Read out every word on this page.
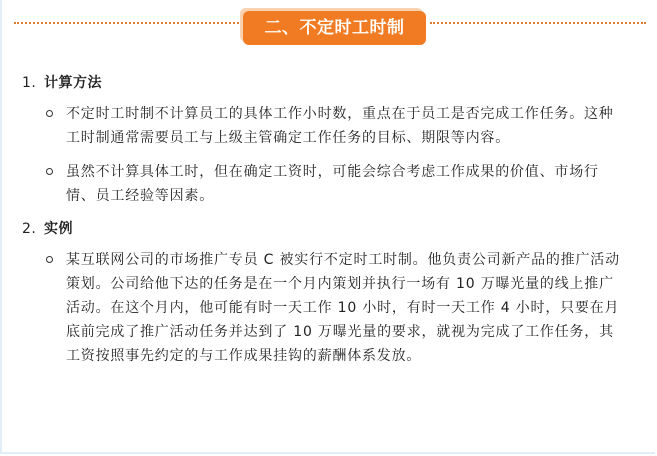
二、不定时工时制
1. 计算方法
不定时工时制不计算员工的具体工作小时数，重点在于员工是否完成工作任务。这种工时制通常需要员工与上级主管确定工作任务的目标、期限等内容。
虽然不计算具体工时，但在确定工资时，可能会综合考虑工作成果的价值、市场行情、员工经验等因素。
2. 实例
某互联网公司的市场推广专员 C 被实行不定时工时制。他负责公司新产品的推广活动策划。公司给他下达的任务是在一个月内策划并执行一场有 10 万曝光量的线上推广活动。在这个月内，他可能有时一天工作 10 小时，有时一天工作 4 小时，只要在月底前完成了推广活动任务并达到了 10 万曝光量的要求，就视为完成了工作任务，其工资按照事先约定的与工作成果挂钩的薪酬体系发放。
